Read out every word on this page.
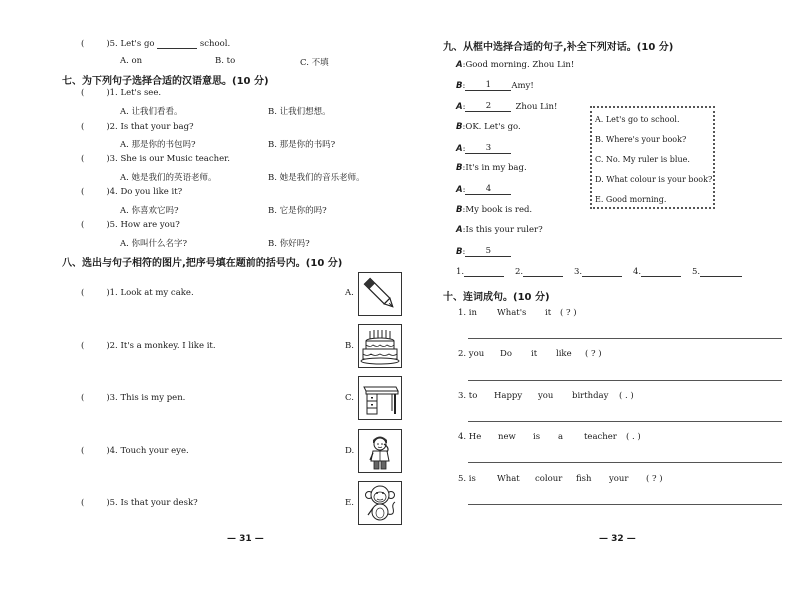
(	)5. Let's go	school.
A. on	B. to	C. 不填
七、为下列句子选择合适的汉语意思。(10 分)
(	)1. Let's see.
A. 让我们看看。	B. 让我们想想。
(	)2. Is that your bag?
A. 那是你的书包吗?	B. 那是你的书吗?
(	)3. She is our Music teacher.
A. 她是我们的英语老师。	B. 她是我们的音乐老师。
(	)4. Do you like it?
A. 你喜欢它吗?	B. 它是你的吗?
(	)5. How are you?
A. 你叫什么名字?	B. 你好吗?
八、选出与句子相符的图片,把序号填在题前的括号内。(10 分)
(	)1. Look at my cake.
(	)2. It's a monkey. I like it.
(	)3. This is my pen.
(	)4. Touch your eye.
(	)5. Is that your desk?
A.
B.
C.
D.
E.
— 31 —
九、从框中选择合适的句子,补全下列对话。(10 分)
A:Good morning. Zhou Lin!
B: 1 Amy!
A: 2	Zhou Lin!
B:OK. Let's go.
A: 3
B:It's in my bag.
A: 4
B:My book is red.
A:Is this your ruler?
B: 5
A. Let's go to school.
B. Where's your book?
C. No. My ruler is blue.
D. What colour is your book?
E. Good morning.
1.	2.	3.	4.	5.
十、连词成句。(10 分)
1. in What's it ( ? )
2. you Do it like ( ? )
3. to Happy you birthday ( . )
4. He new is a teacher ( . )
5. is What colour fish your ( ? )
— 32 —
